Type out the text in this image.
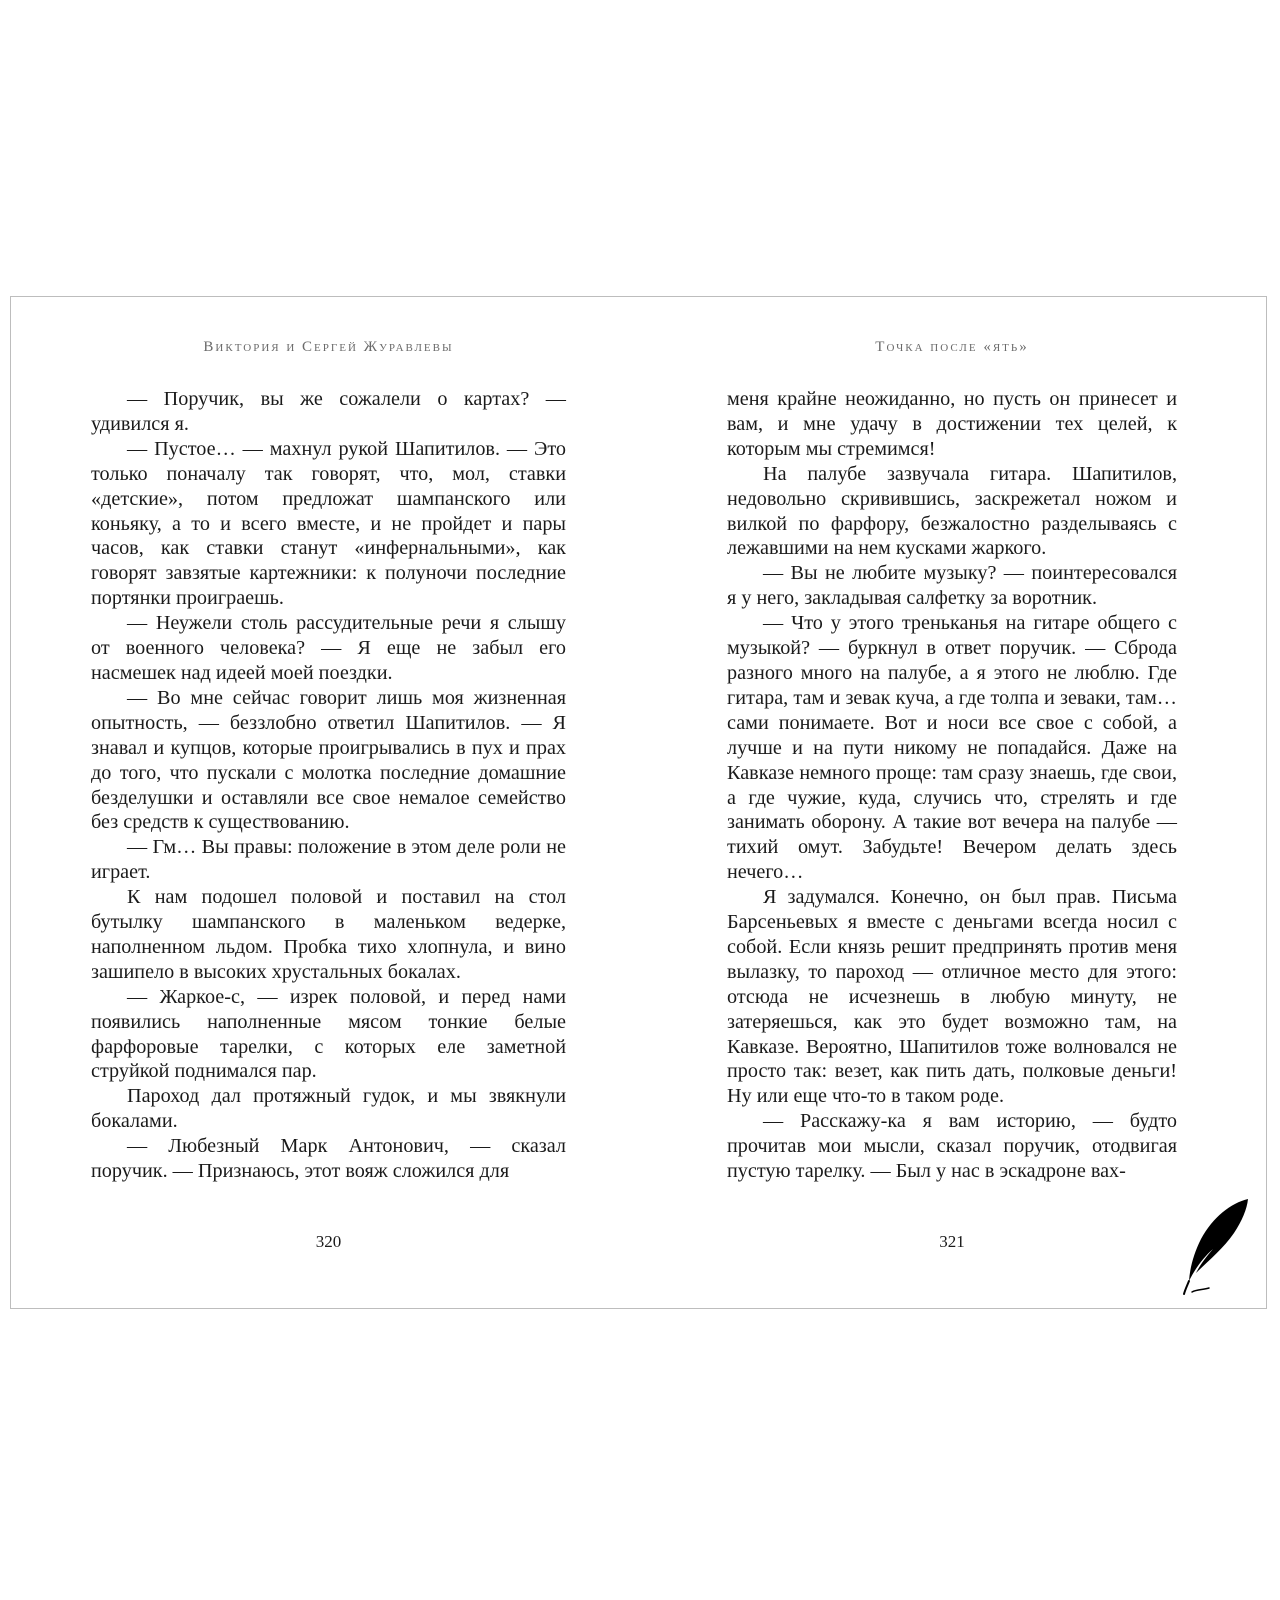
Виктория и Сергей Журавлевы

— Поручик, вы же сожалели о картах? — удивился я.

— Пустое… — махнул рукой Шапитилов. — Это только поначалу так говорят, что, мол, ставки «детские», потом предложат шампанского или коньяку, а то и всего вместе, и не пройдет и пары часов, как ставки станут «инфернальными», как говорят завзятые картежники: к полуночи последние портянки проиграешь.

— Неужели столь рассудительные речи я слышу от военного человека? — Я еще не забыл его насмешек над идеей моей поездки.

— Во мне сейчас говорит лишь моя жизненная опытность, — беззлобно ответил Шапитилов. — Я знавал и купцов, которые проигрывались в пух и прах до того, что пускали с молотка последние домашние безделушки и оставляли все свое немалое семейство без средств к существованию.

— Гм… Вы правы: положение в этом деле роли не играет.

К нам подошел половой и поставил на стол бутылку шампанского в маленьком ведерке, наполненном льдом. Пробка тихо хлопнула, и вино зашипело в высоких хрустальных бокалах.

— Жаркое-с, — изрек половой, и перед нами появились наполненные мясом тонкие белые фарфоровые тарелки, с которых еле заметной струйкой поднимался пар.

Пароход дал протяжный гудок, и мы звякнули бокалами.

— Любезный Марк Антонович, — сказал поручик. — Признаюсь, этот вояж сложился для

320
Точка после «ять»

меня крайне неожиданно, но пусть он принесет и вам, и мне удачу в достижении тех целей, к которым мы стремимся!

На палубе зазвучала гитара. Шапитилов, недовольно скривившись, заскрежетал ножом и вилкой по фарфору, безжалостно разделываясь с лежавшими на нем кусками жаркого.

— Вы не любите музыку? — поинтересовался я у него, закладывая салфетку за воротник.

— Что у этого треньканья на гитаре общего с музыкой? — буркнул в ответ поручик. — Сброда разного много на палубе, а я этого не люблю. Где гитара, там и зевак куча, а где толпа и зеваки, там… сами понимаете. Вот и носи все свое с собой, а лучше и на пути никому не попадайся. Даже на Кавказе немного проще: там сразу знаешь, где свои, а где чужие, куда, случись что, стрелять и где занимать оборону. А такие вот вечера на палубе — тихий омут. Забудьте! Вечером делать здесь нечего…

Я задумался. Конечно, он был прав. Письма Барсеньевых я вместе с деньгами всегда носил с собой. Если князь решит предпринять против меня вылазку, то пароход — отличное место для этого: отсюда не исчезнешь в любую минуту, не затеряешься, как это будет возможно там, на Кавказе. Вероятно, Шапитилов тоже волновался не просто так: везет, как пить дать, полковые деньги! Ну или еще что-то в таком роде.

— Расскажу-ка я вам историю, — будто прочитав мои мысли, сказал поручик, отодвигая пустую тарелку. — Был у нас в эскадроне вах-

321
